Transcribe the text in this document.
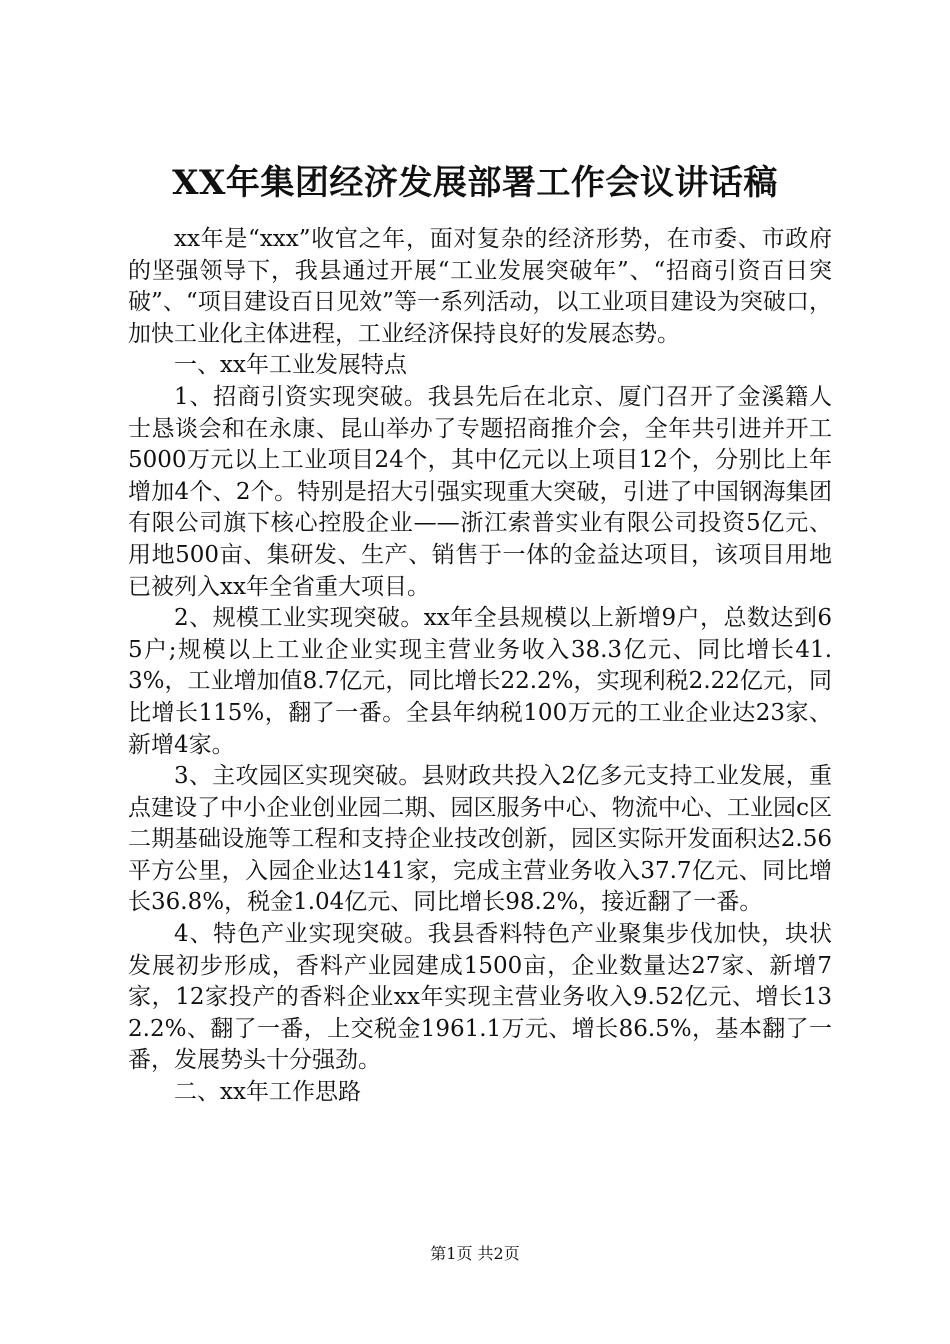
XX年集团经济发展部署工作会议讲话稿

xx年是“xxx”收官之年，面对复杂的经济形势，在市委、市政府的坚强领导下，我县通过开展“工业发展突破年”、“招商引资百日突破”、“项目建设百日见效”等一系列活动，以工业项目建设为突破口，加快工业化主体进程，工业经济保持良好的发展态势。

一、xx年工业发展特点

1、招商引资实现突破。我县先后在北京、厦门召开了金溪籍人士恳谈会和在永康、昆山举办了专题招商推介会，全年共引进并开工5000万元以上工业项目24个，其中亿元以上项目12个，分别比上年增加4个、2个。特别是招大引强实现重大突破，引进了中国钢海集团有限公司旗下核心控股企业——浙江索普实业有限公司投资5亿元、用地500亩、集研发、生产、销售于一体的金益达项目，该项目用地已被列入xx年全省重大项目。

2、规模工业实现突破。xx年全县规模以上新增9户，总数达到65户;规模以上工业企业实现主营业务收入38.3亿元、同比增长41.3%，工业增加值8.7亿元，同比增长22.2%，实现利税2.22亿元，同比增长115%，翻了一番。全县年纳税100万元的工业企业达23家、新增4家。

3、主攻园区实现突破。县财政共投入2亿多元支持工业发展，重点建设了中小企业创业园二期、园区服务中心、物流中心、工业园c区二期基础设施等工程和支持企业技改创新，园区实际开发面积达2.56平方公里，入园企业达141家，完成主营业务收入37.7亿元、同比增长36.8%，税金1.04亿元、同比增长98.2%，接近翻了一番。

4、特色产业实现突破。我县香料特色产业聚集步伐加快，块状发展初步形成，香料产业园建成1500亩，企业数量达27家、新增7家，12家投产的香料企业xx年实现主营业务收入9.52亿元、增长132.2%、翻了一番，上交税金1961.1万元、增长86.5%，基本翻了一番，发展势头十分强劲。

二、xx年工作思路

第1页 共2页
